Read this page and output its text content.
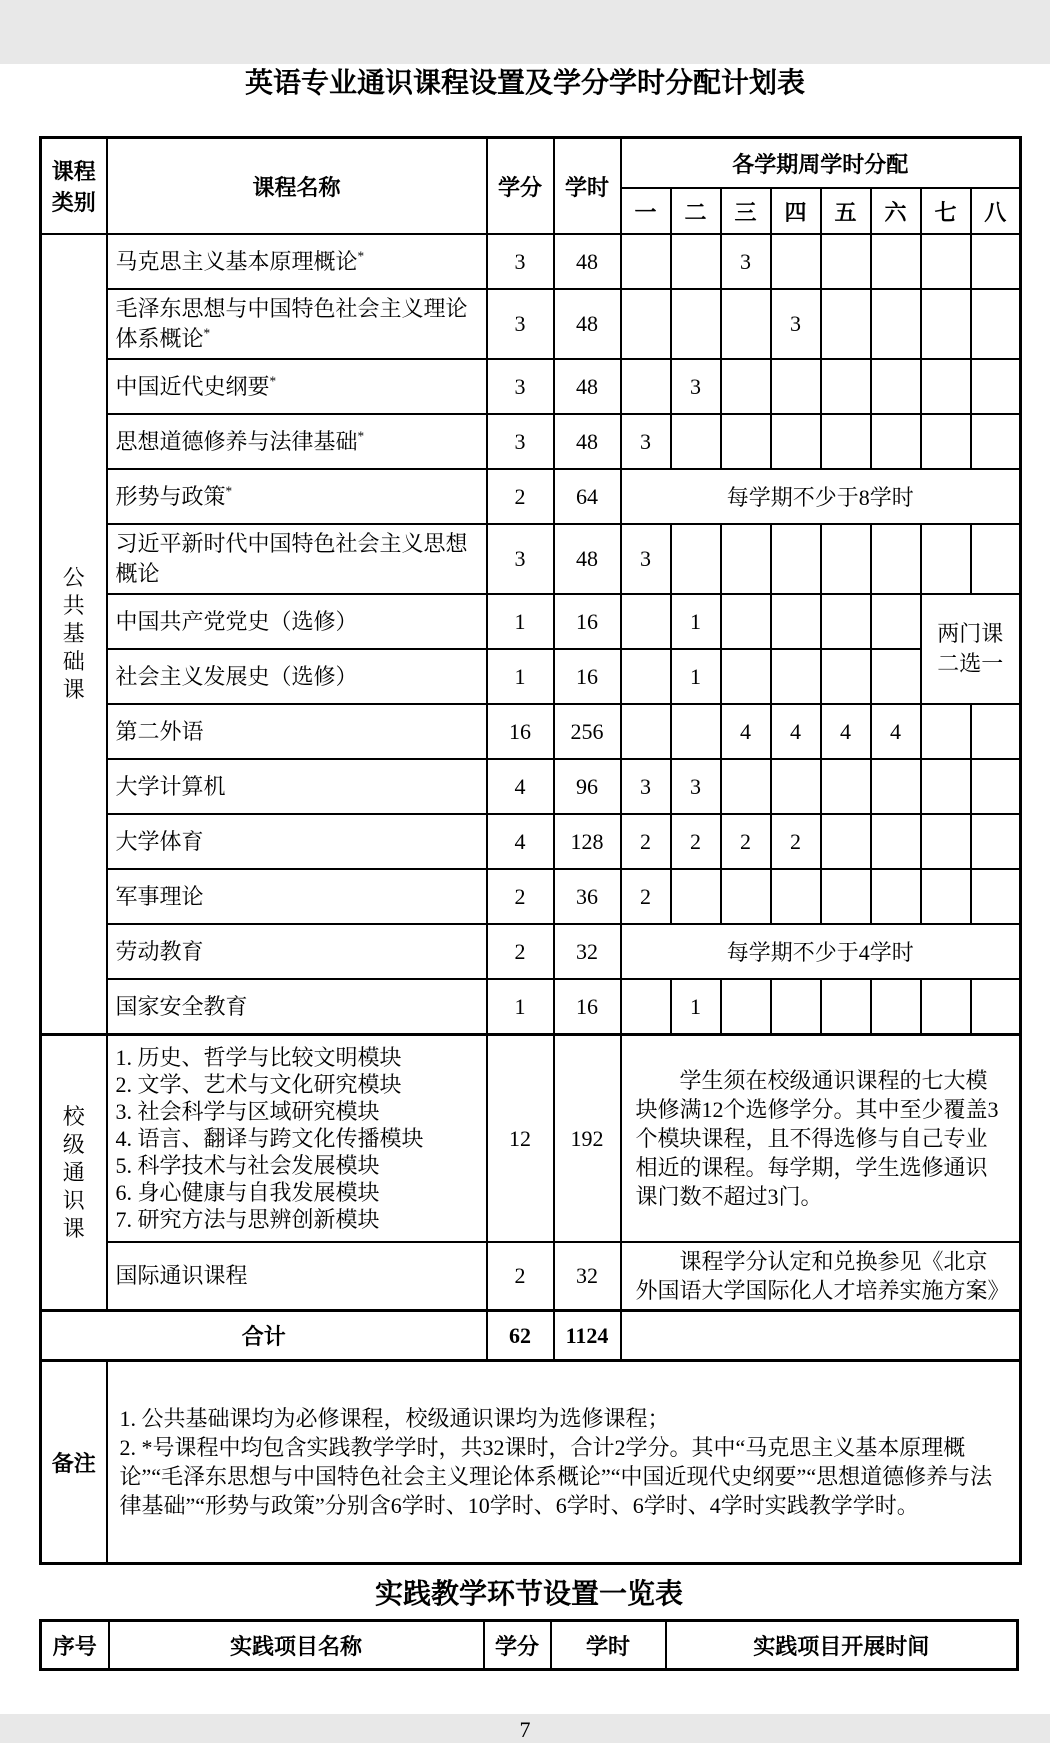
英语专业通识课程设置及学分学时分配计划表
课程类别	课程名称	学分	学时	各学期周学时分配							
				一	二	三	四	五	六	七	八
公
共
基
础
课	马克思主义基本原理概论*	3	48			3					
	毛泽东思想与中国特色社会主义理论体系概论*	3	48				3				
	中国近代史纲要*	3	48		3						
	思想道德修养与法律基础*	3	48	3							
	形势与政策*	2	64	每学期不少于8学时							
	习近平新时代中国特色社会主义思想概论	3	48	3							
	中国共产党党史（选修）	1	16		1					两门课
二选一	
	社会主义发展史（选修）	1	16		1						
	第二外语	16	256			4	4	4	4		
	大学计算机	4	96	3	3						
	大学体育	4	128	2	2	2	2				
	军事理论	2	36	2							
	劳动教育	2	32	每学期不少于4学时							
	国家安全教育	1	16		1						
校
级
通
识
课	
1. 历史、哲学与比较文明模块
2. 文学、艺术与文化研究模块
3. 社会科学与区域研究模块
4. 语言、翻译与跨文化传播模块
5. 科学技术与社会发展模块
6. 身心健康与自我发展模块
7. 研究方法与思辨创新模块
	12	192	学生须在校级通识课程的七大模块修满12个选修学分。其中至少覆盖3个模块课程，且不得选修与自己专业相近的课程。每学期，学生选修通识课门数不超过3门。
	国际通识课程	2	32	课程学分认定和兑换参见《北京外国语大学国际化人才培养实施方案》							
合计		62	1124								
备注	1. 公共基础课均为必修课程，校级通识课均为选修课程；
2. *号课程中均包含实践教学学时，共32课时，合计2学分。其中“马克思主义基本原理概论”“毛泽东思想与中国特色社会主义理论体系概论”“中国近现代史纲要”“思想道德修养与法律基础”“形势与政策”分别含6学时、10学时、6学时、6学时、4学时实践教学学时。										
实践教学环节设置一览表
序号	实践项目名称	学分	学时	实践项目开展时间
7
